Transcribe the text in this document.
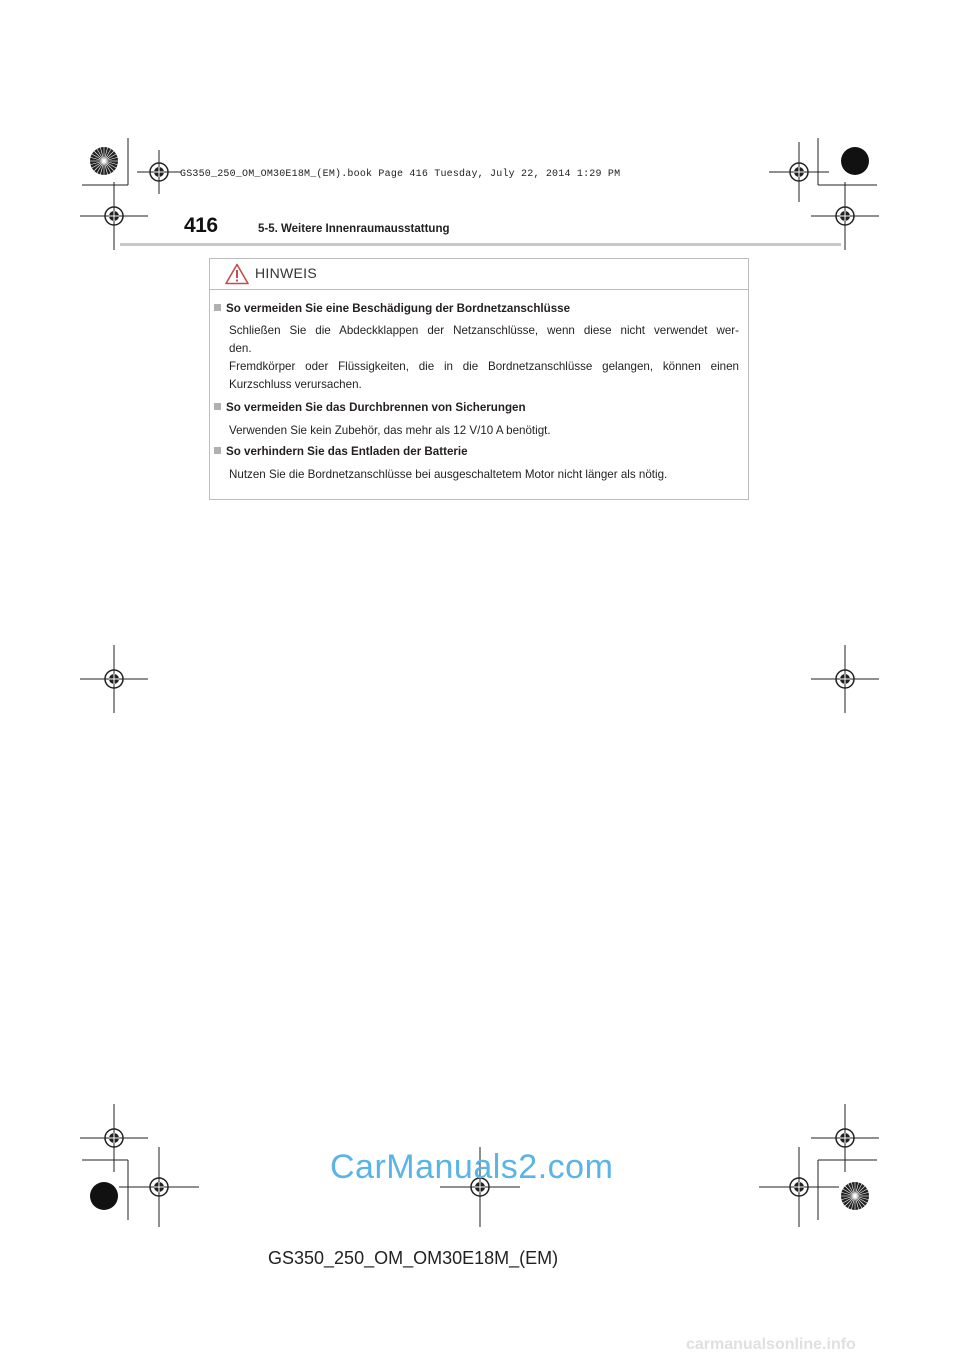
GS350_250_OM_OM30E18M_(EM).book Page 416 Tuesday, July 22, 2014 1:29 PM
416	5-5. Weitere Innenraumausstattung
HINWEIS
So vermeiden Sie eine Beschädigung der Bordnetzanschlüsse
Schließen Sie die Abdeckklappen der Netzanschlüsse, wenn diese nicht verwendet wer-
den.
Fremdkörper oder Flüssigkeiten, die in die Bordnetzanschlüsse gelangen, können einen
Kurzschluss verursachen.
So vermeiden Sie das Durchbrennen von Sicherungen
Verwenden Sie kein Zubehör, das mehr als 12 V/10 A benötigt.
So verhindern Sie das Entladen der Batterie
Nutzen Sie die Bordnetzanschlüsse bei ausgeschaltetem Motor nicht länger als nötig.
CarManuals2.com
GS350_250_OM_OM30E18M_(EM)
carmanualsonline.info
